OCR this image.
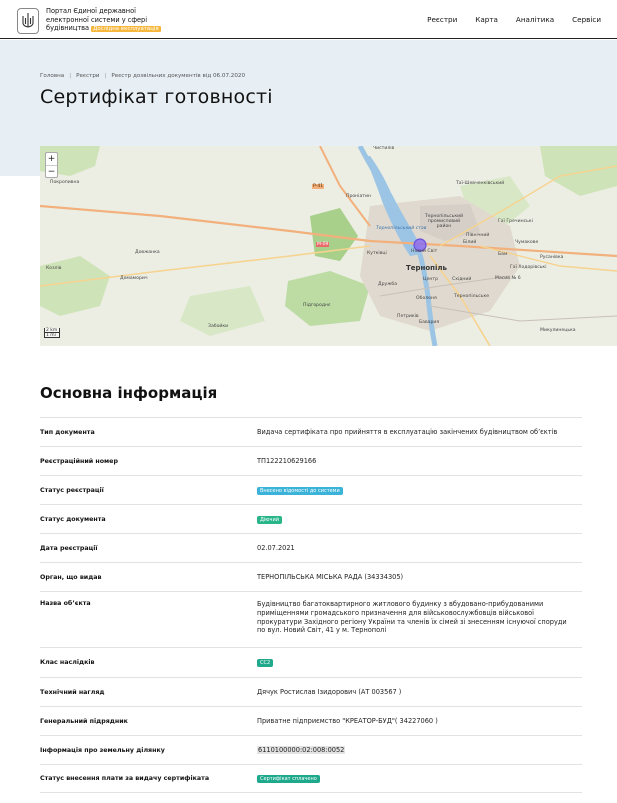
Портал Єдиної державної
електронної системи у сфері
будівництва Дослідна експлуатація
Реєстри	Карта	Аналітика	Сервіси
Головна | Реєстри | Реєстр дозвільних документів від 06.07.2020
Сертифікат готовності
Покропивна
Козлів
Довжанка
Домаморич
Забойки
Підгороднє
Кутківці
Дружба
Оболоня
Петриків
Тернопіль
Центр
Новий Світ
Східний
Бам
Русанівка
Чумакове
Гаї Ходорівські
Масив № 6
Білий
Тернопільський промисловий район
Таї-Шевченківський
Чистилів
Проніатин
Північний
Гаї Гречинські
Микулинецька
Бавария
Тернопільське
P-41
M-09
Тернопільський став
+
−
2 km
1 mi
Основна інформація
Тип документа	Видача сертифіката про прийняття в експлуатацію закінчених будівництвом об’єктів
Реєстраційний номер	ТП122210629166
Статус реєстрації	Внесено відомості до системи
Статус документа	Діючий
Дата реєстрації	02.07.2021
Орган, що видав	ТЕРНОПІЛЬСЬКА МІСЬКА РАДА (34334305)
Назва об’єкта	Будівництво багатоквартирного житлового будинку з вбудовано-прибудованими приміщеннями громадського призначення для військовослужбовців військової прокуратури Західного регіону України та членів їх сімей зі знесенням існуючої споруди по вул. Новий Світ, 41 у м. Тернополі
Клас наслідків	СС2
Технічний нагляд	Дячук Ростислав Ізидорович (АТ 003567 )
Генеральний підрядник	Приватне підприємство "КРЕАТОР-БУД"( 34227060 )
Інформація про земельну ділянку	6110100000:02:008:0052
Статус внесення плати за видачу сертифіката	Сертифікат сплачено
